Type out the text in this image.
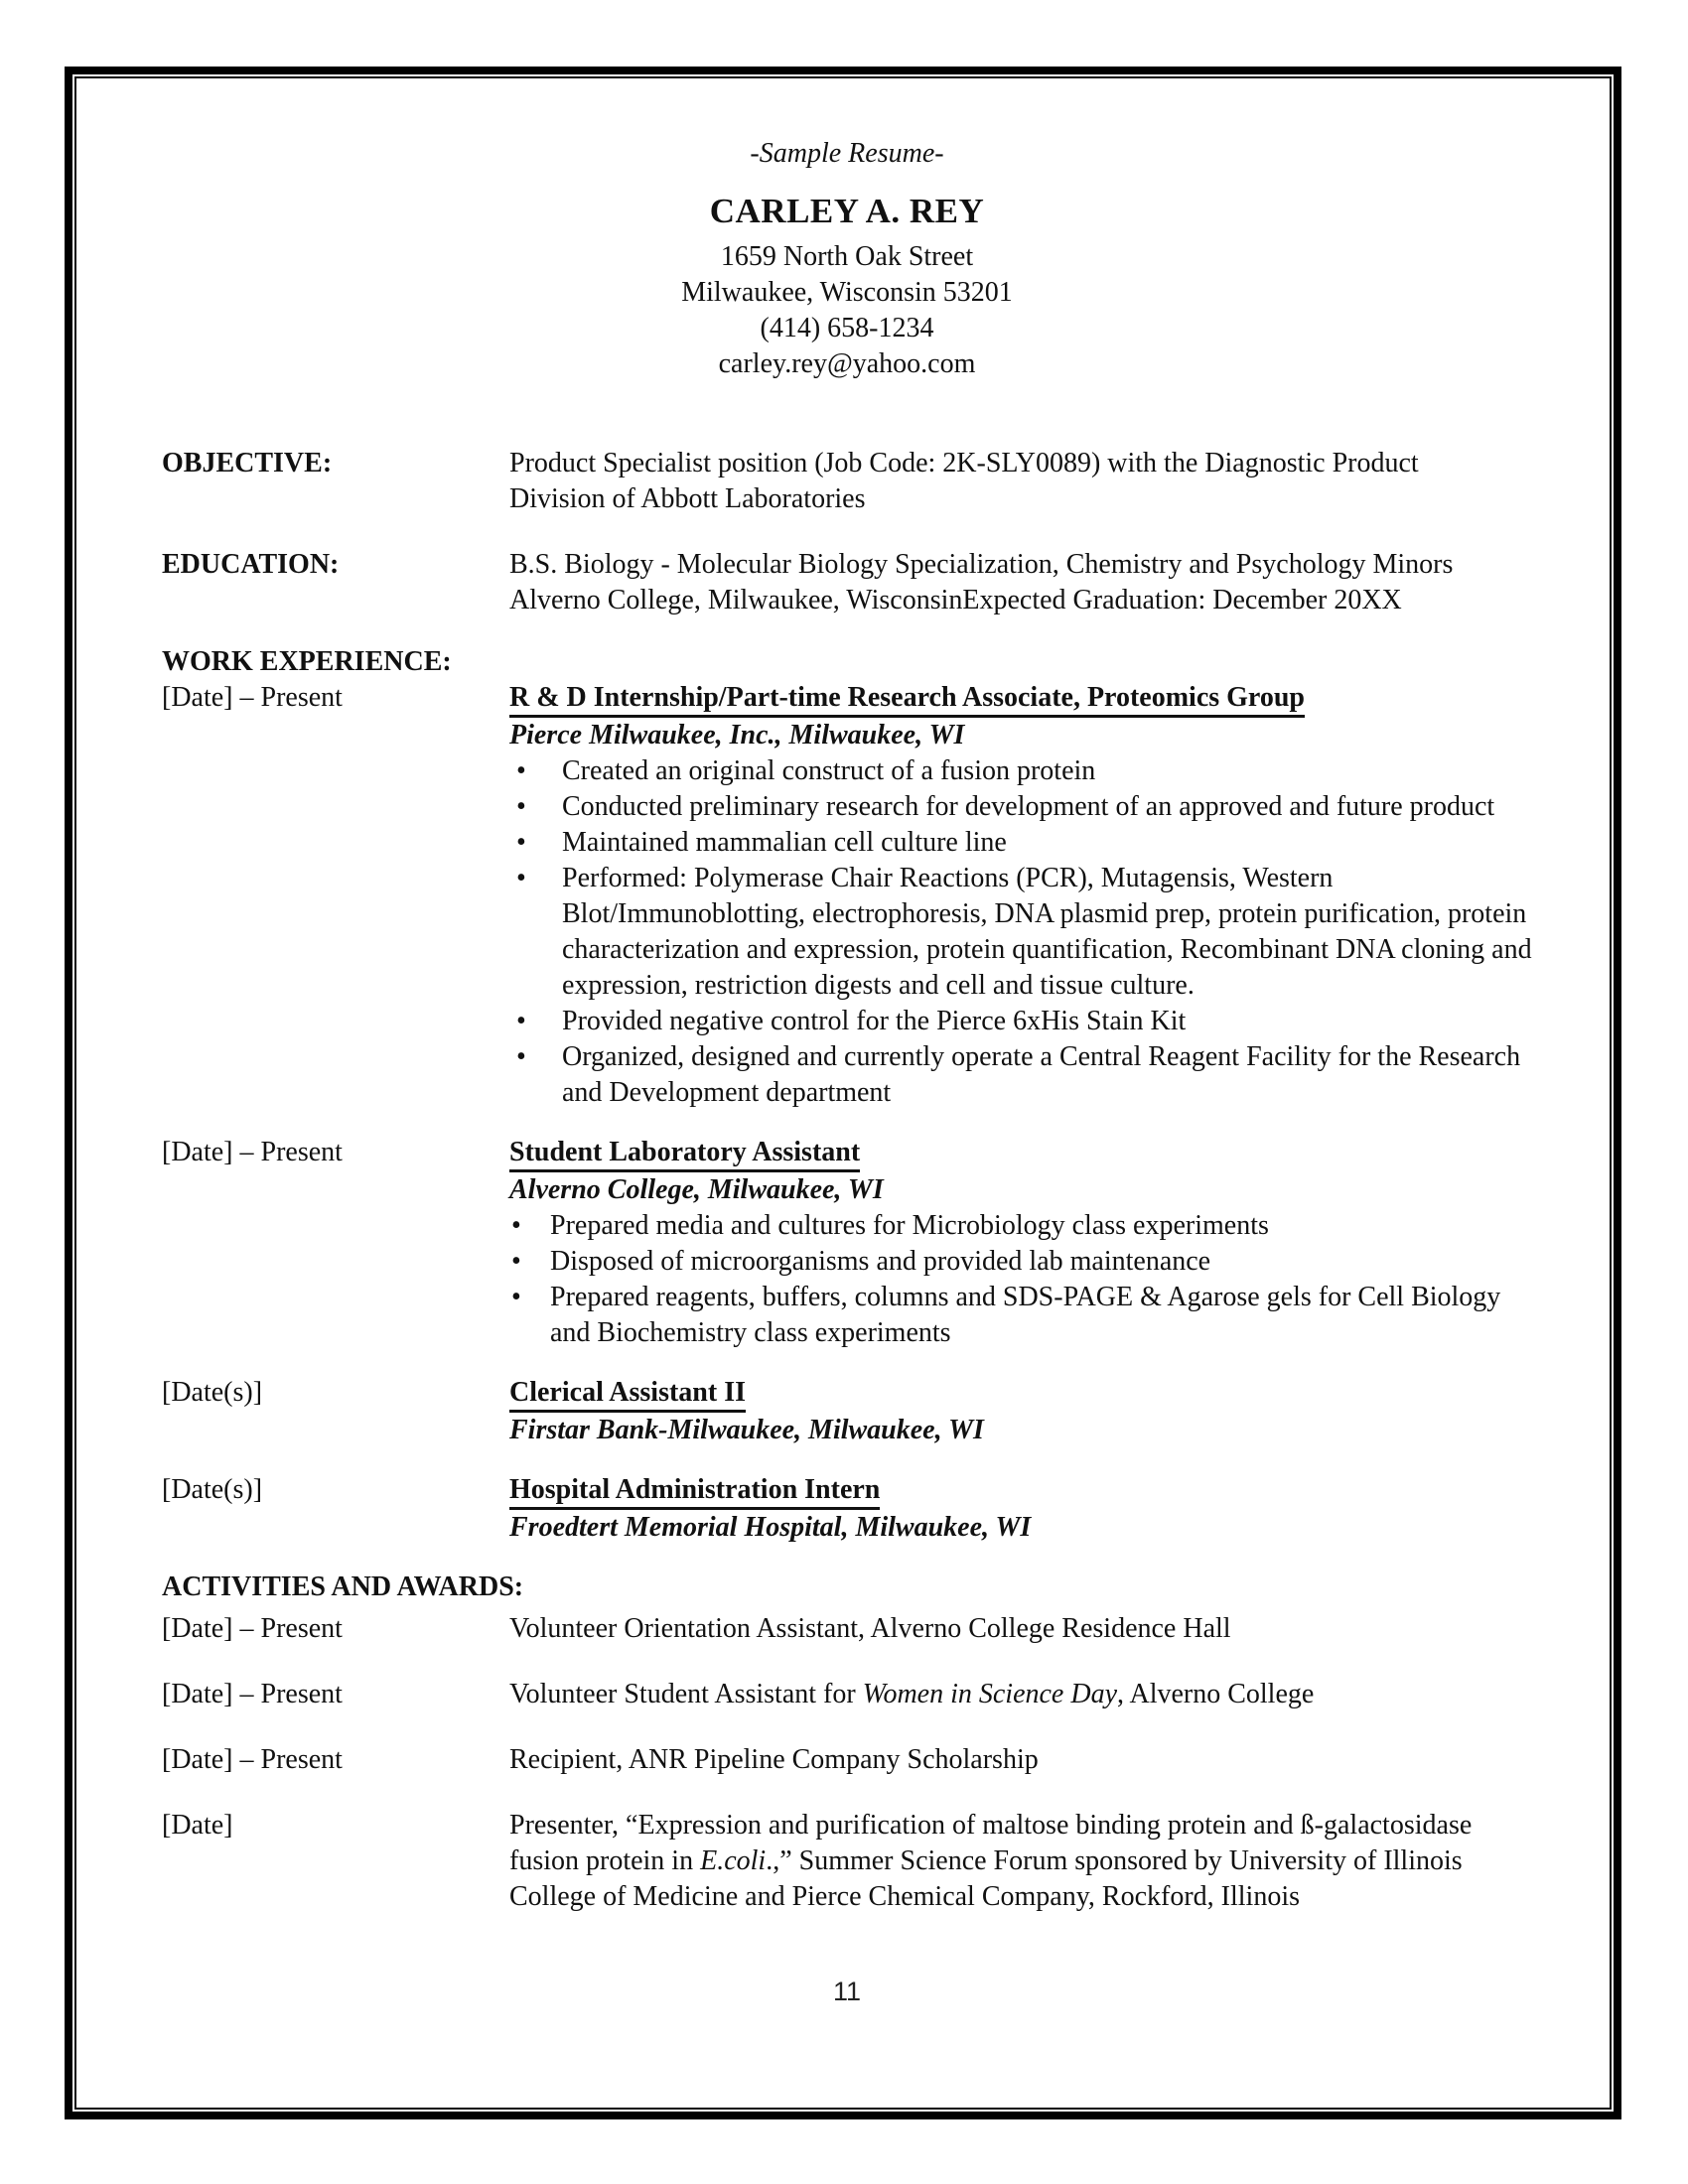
-Sample Resume-
CARLEY A. REY
1659 North Oak Street
Milwaukee, Wisconsin 53201
(414) 658-1234
carley.rey@yahoo.com
OBJECTIVE:	Product Specialist position (Job Code: 2K-SLY0089) with the Diagnostic Product
Division of Abbott Laboratories
EDUCATION:	B.S. Biology - Molecular Biology Specialization, Chemistry and Psychology Minors
Alverno College, Milwaukee, WisconsinExpected Graduation: December 20XX
WORK EXPERIENCE:
[Date] – Present	R & D Internship/Part-time Research Associate, Proteomics Group
Pierce Milwaukee, Inc., Milwaukee, WI
• Created an original construct of a fusion protein
• Conducted preliminary research for development of an approved and future product
• Maintained mammalian cell culture line
• Performed: Polymerase Chair Reactions (PCR), Mutagensis, Western Blot/Immunoblotting, electrophoresis, DNA plasmid prep, protein purification, protein characterization and expression, protein quantification, Recombinant DNA cloning and expression, restriction digests and cell and tissue culture.
• Provided negative control for the Pierce 6xHis Stain Kit
• Organized, designed and currently operate a Central Reagent Facility for the Research and Development department
[Date] – Present	Student Laboratory Assistant
Alverno College, Milwaukee, WI
• Prepared media and cultures for Microbiology class experiments
• Disposed of microorganisms and provided lab maintenance
• Prepared reagents, buffers, columns and SDS-PAGE & Agarose gels for Cell Biology and Biochemistry class experiments
[Date(s)]	Clerical Assistant II
Firstar Bank-Milwaukee, Milwaukee, WI
[Date(s)]	Hospital Administration Intern
Froedtert Memorial Hospital, Milwaukee, WI
ACTIVITIES AND AWARDS:
[Date] – Present	Volunteer Orientation Assistant, Alverno College Residence Hall
[Date] – Present	Volunteer Student Assistant for Women in Science Day, Alverno College
[Date] – Present	Recipient, ANR Pipeline Company Scholarship
[Date]	Presenter, “Expression and purification of maltose binding protein and ß-galactosidase fusion protein in E.coli.,” Summer Science Forum sponsored by University of Illinois College of Medicine and Pierce Chemical Company, Rockford, Illinois
11
